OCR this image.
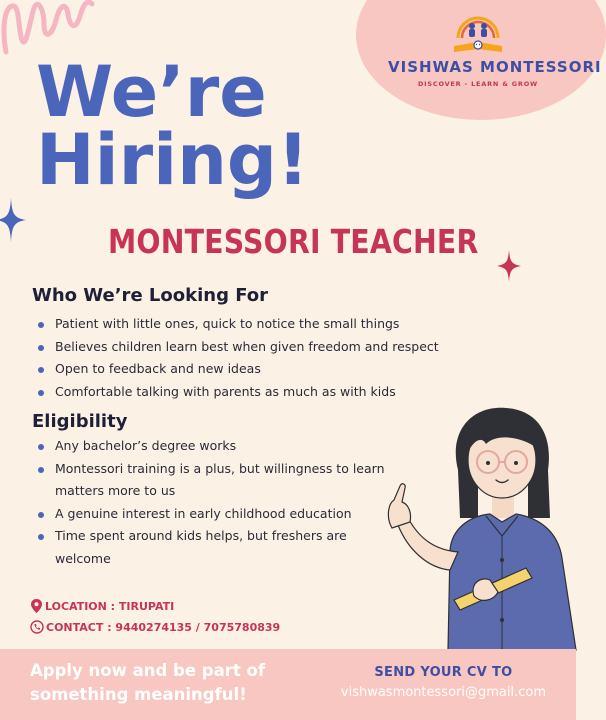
VISHWAS MONTESSORI
DISCOVER - LEARN & GROW
We’re
Hiring!
MONTESSORI TEACHER
Who We’re Looking For
Patient with little ones, quick to notice the small things
Believes children learn best when given freedom and respect
Open to feedback and new ideas
Comfortable talking with parents as much as with kids
Eligibility
Any bachelor’s degree works
Montessori training is a plus, but willingness to learn matters more to us
A genuine interest in early childhood education
Time spent around kids helps, but freshers are welcome
LOCATION : TIRUPATI
CONTACT : 9440274135 / 7075780839

Apply now and be part of
something meaningful!

SEND YOUR CV TO
vishwasmontessori@gmail.com
